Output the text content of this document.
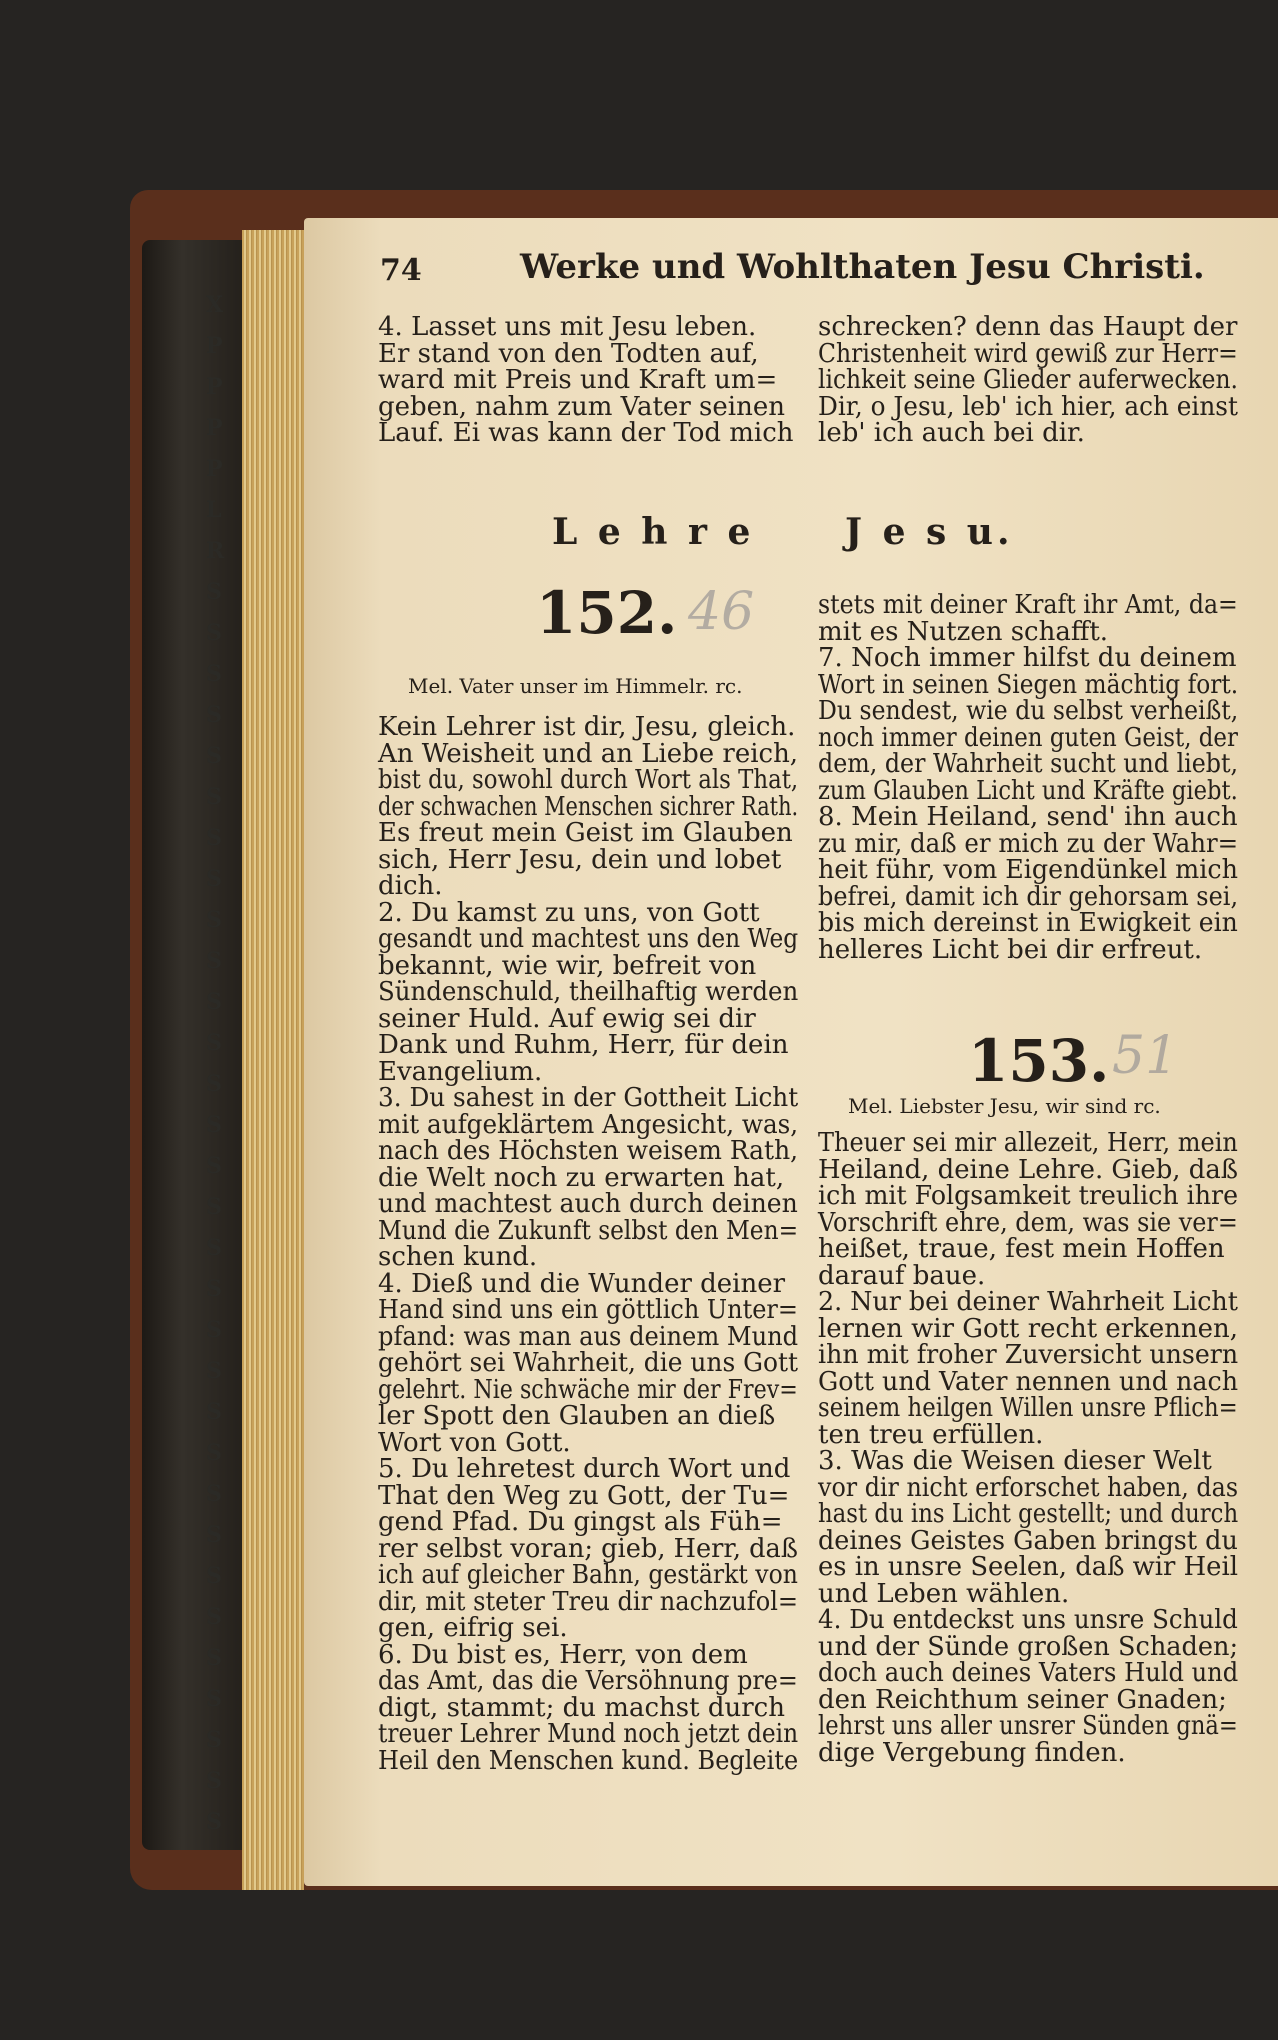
X
P
P
P
P
L
R
S
S
S
S
S
S
S
S
S
S
S
S
S
S
S
S
S
S
S
S
S
S
S
S
S
S
S
S
S
S
S
74	Werke und Wohlthaten Jesu Christi.
4. Lasset uns mit Jesu leben.
Er stand von den Todten auf,
ward mit Preis und Kraft um=
geben, nahm zum Vater seinen
Lauf. Ei was kann der Tod mich
schrecken? denn das Haupt der
Christenheit wird gewiß zur Herr=
lichkeit seine Glieder auferwecken.
Dir, o Jesu, leb' ich hier, ach einst
leb' ich auch bei dir.
L e h r e	J e s u.
152. 46
Mel. Vater unser im Himmelr. rc.
Kein Lehrer ist dir, Jesu, gleich.
An Weisheit und an Liebe reich,
bist du, sowohl durch Wort als That,
der schwachen Menschen sichrer Rath.
Es freut mein Geist im Glauben
sich, Herr Jesu, dein und lobet
dich.
2. Du kamst zu uns, von Gott
gesandt und machtest uns den Weg
bekannt, wie wir, befreit von
Sündenschuld, theilhaftig werden
seiner Huld. Auf ewig sei dir
Dank und Ruhm, Herr, für dein
Evangelium.
3. Du sahest in der Gottheit Licht
mit aufgeklärtem Angesicht, was,
nach des Höchsten weisem Rath,
die Welt noch zu erwarten hat,
und machtest auch durch deinen
Mund die Zukunft selbst den Men=
schen kund.
4. Dieß und die Wunder deiner
Hand sind uns ein göttlich Unter=
pfand: was man aus deinem Mund
gehört sei Wahrheit, die uns Gott
gelehrt. Nie schwäche mir der Frev=
ler Spott den Glauben an dieß
Wort von Gott.
5. Du lehretest durch Wort und
That den Weg zu Gott, der Tu=
gend Pfad. Du gingst als Füh=
rer selbst voran; gieb, Herr, daß
ich auf gleicher Bahn, gestärkt von
dir, mit steter Treu dir nachzufol=
gen, eifrig sei.
6. Du bist es, Herr, von dem
das Amt, das die Versöhnung pre=
digt, stammt; du machst durch
treuer Lehrer Mund noch jetzt dein
Heil den Menschen kund. Begleite
stets mit deiner Kraft ihr Amt, da=
mit es Nutzen schafft.
7. Noch immer hilfst du deinem
Wort in seinen Siegen mächtig fort.
Du sendest, wie du selbst verheißt,
noch immer deinen guten Geist, der
dem, der Wahrheit sucht und liebt,
zum Glauben Licht und Kräfte giebt.
8. Mein Heiland, send' ihn auch
zu mir, daß er mich zu der Wahr=
heit führ, vom Eigendünkel mich
befrei, damit ich dir gehorsam sei,
bis mich dereinst in Ewigkeit ein
helleres Licht bei dir erfreut.
153. 51
Mel. Liebster Jesu, wir sind rc.
Theuer sei mir allezeit, Herr, mein
Heiland, deine Lehre. Gieb, daß
ich mit Folgsamkeit treulich ihre
Vorschrift ehre, dem, was sie ver=
heißet, traue, fest mein Hoffen
darauf baue.
2. Nur bei deiner Wahrheit Licht
lernen wir Gott recht erkennen,
ihn mit froher Zuversicht unsern
Gott und Vater nennen und nach
seinem heilgen Willen unsre Pflich=
ten treu erfüllen.
3. Was die Weisen dieser Welt
vor dir nicht erforschet haben, das
hast du ins Licht gestellt; und durch
deines Geistes Gaben bringst du
es in unsre Seelen, daß wir Heil
und Leben wählen.
4. Du entdeckst uns unsre Schuld
und der Sünde großen Schaden;
doch auch deines Vaters Huld und
den Reichthum seiner Gnaden;
lehrst uns aller unsrer Sünden gnä=
dige Vergebung finden.
